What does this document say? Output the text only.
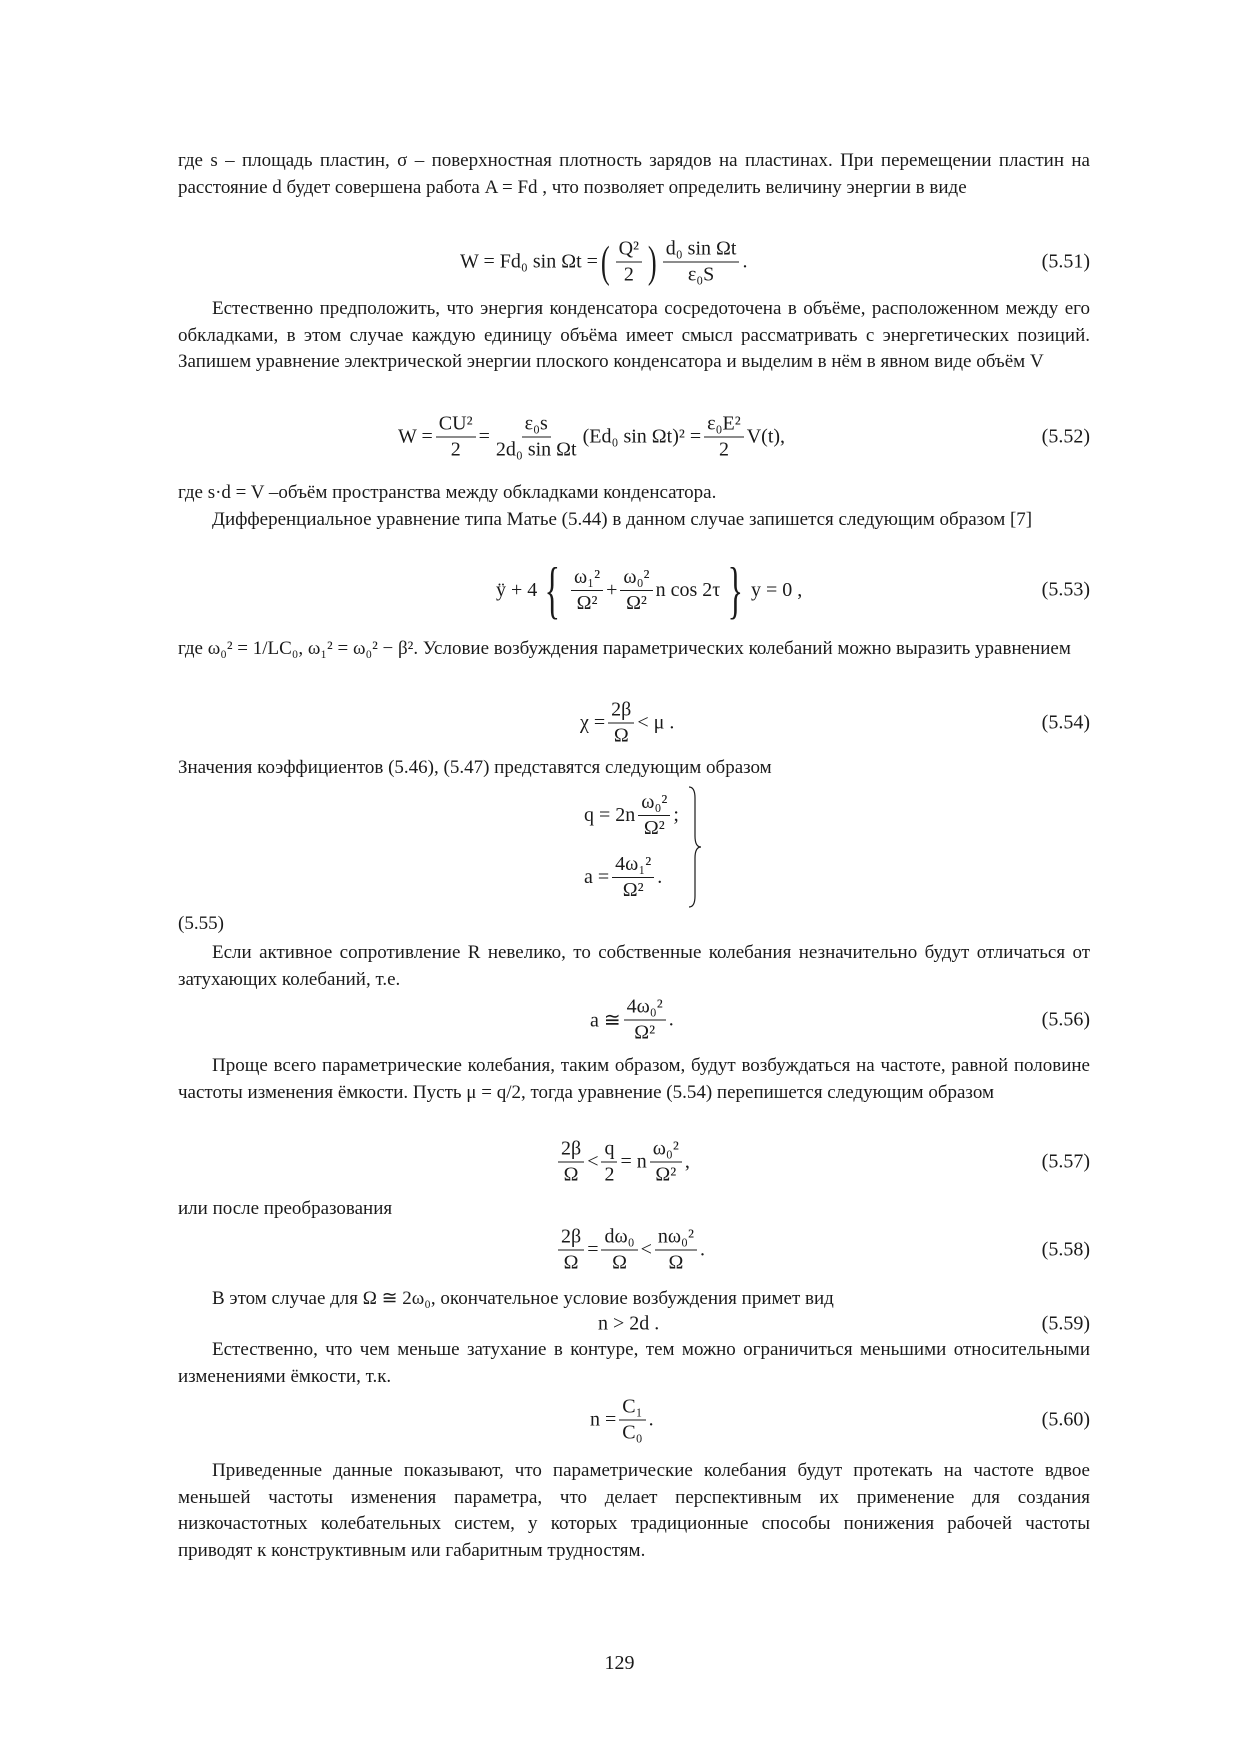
где s – площадь пластин, σ – поверхностная плотность зарядов на пластинах. При перемещении пластин на расстояние d будет совершена работа A = Fd , что позволяет определить величину энергии в виде

W = Fd₀ sin Ωt = ( $\frac{\text{Q²}}{2}$ ) $\frac{\text{d₀ sin Ωt}}{\text{ε₀S}}$ .	(5.51)

Естественно предположить, что энергия конденсатора сосредоточена в объёме, расположенном между его обкладками, в этом случае каждую единицу объёма имеет смысл рассматривать с энергетических позиций. Запишем уравнение электрической энергии плоского конденсатора и выделим в нём в явном виде объём V

$W = \frac{\text{CU²}}{2} = \frac{\text{ε₀s}}{\text{2d₀ sin Ωt}} (Ed_0$ $\sin \Omega t)^2 = \frac{\text{ε₀E²}}{2} V(t)$,	(5.52)

где s·d = V –объём пространства между обкладками конденсатора.

Дифференциальное уравнение типа Матье (5.44) в данном случае запишется следующим образом [7]

ÿ + 4 { $\frac{\text{ω₁²}}{\text{Ω²}} + \frac{\text{ω₀²}}{\text{Ω²}}$ n cos 2τ } y = 0 ,	(5.53)

где ω₀² = 1/LC₀, ω₁² = ω₀² − β². Условие возбуждения параметрических колебаний можно выразить уравнением

$\chi = \frac{2\beta}{\Omega} < \mu$ .	(5.54)

Значения коэффициентов (5.46), (5.47) представятся следующим образом

$q = 2n \frac{\text{ω₀²}}{\text{Ω²}}$ ;
$a = \frac{\text{4ω₁²}}{\text{Ω²}}$ .
(5.55)

Если активное сопротивление R невелико, то собственные колебания незначительно будут отличаться от затухающих колебаний, т.е.

a ≅ $\frac{\text{4ω₀²}}{\text{Ω²}}$ .	(5.56)

Проще всего параметрические колебания, таким образом, будут возбуждаться на частоте, равной половине частоты изменения ёмкости. Пусть μ = q/2, тогда уравнение (5.54) перепишется следующим образом

$\frac{2\beta}{\Omega} < \frac{q}{2} = n \frac{\text{ω₀²}}{\text{Ω²}}$ ,	(5.57)

или после преобразования

$\frac{2\beta}{\Omega} = \frac{\text{dω₀}}{\Omega} < \frac{\text{nω₀²}}{\Omega}$ .	(5.58)

В этом случае для Ω ≅ 2ω₀, окончательное условие возбуждения примет вид

n > 2d .	(5.59)

Естественно, что чем меньше затухание в контуре, тем можно ограничиться меньшими относительными изменениями ёмкости, т.к.

$n = \frac{\text{C₁}}{\text{C₀}}$ .	(5.60)

Приведенные данные показывают, что параметрические колебания будут протекать на частоте вдвое меньшей частоты изменения параметра, что делает перспективным их применение для создания низкочастотных колебательных систем, у которых традиционные способы понижения рабочей частоты приводят к конструктивным или габаритным трудностям.

129
